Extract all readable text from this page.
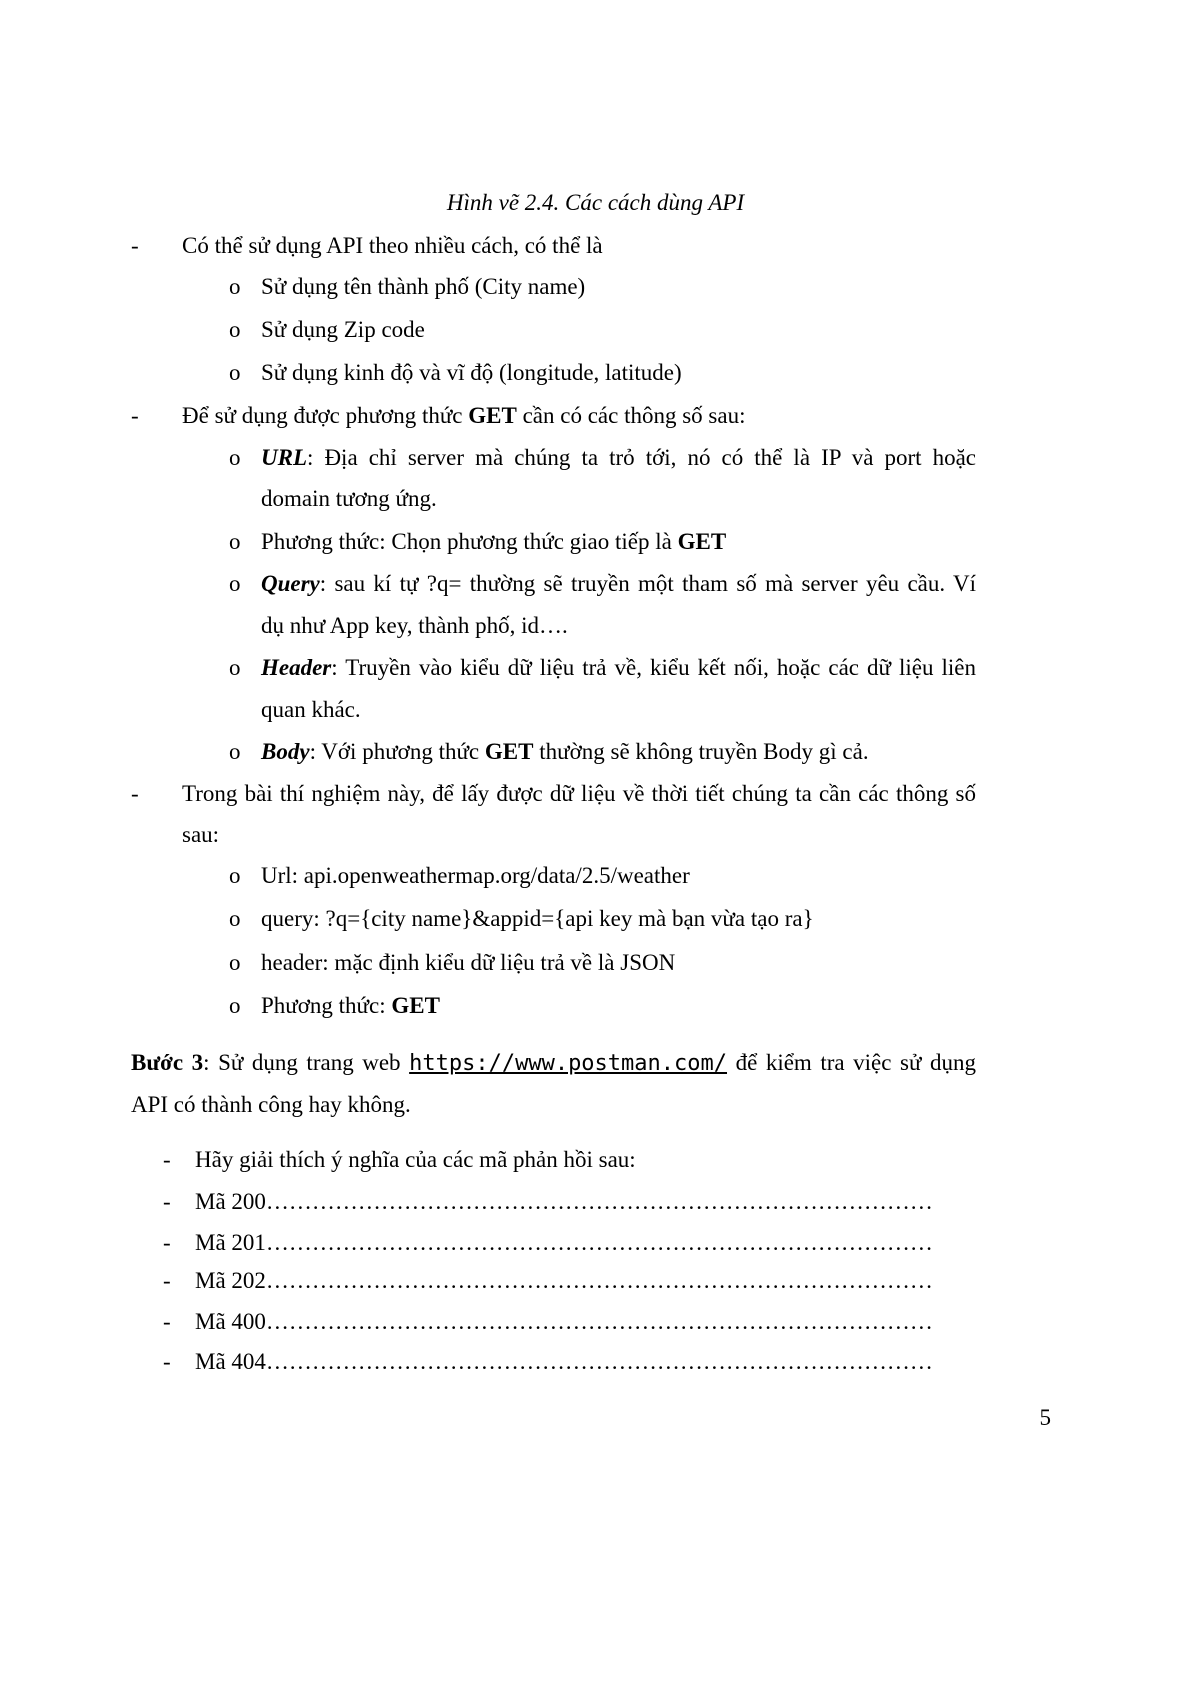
Hình vẽ 2.4. Các cách dùng API
- Có thể sử dụng API theo nhiều cách, có thể là
o Sử dụng tên thành phố (City name)
o Sử dụng Zip code
o Sử dụng kinh độ và vĩ độ (longitude, latitude)
- Để sử dụng được phương thức GET cần có các thông số sau:
o URL: Địa chỉ server mà chúng ta trỏ tới, nó có thể là IP và port hoặc
domain tương ứng.
o Phương thức: Chọn phương thức giao tiếp là GET
o Query: sau kí tự ?q= thường sẽ truyền một tham số mà server yêu cầu. Ví
dụ như App key, thành phố, id….
o Header: Truyền vào kiểu dữ liệu trả về, kiểu kết nối, hoặc các dữ liệu liên
quan khác.
o Body: Với phương thức GET thường sẽ không truyền Body gì cả.
- Trong bài thí nghiệm này, để lấy được dữ liệu về thời tiết chúng ta cần các thông số
sau:
o Url: api.openweathermap.org/data/2.5/weather
o query: ?q={city name}&appid={api key mà bạn vừa tạo ra}
o header: mặc định kiểu dữ liệu trả về là JSON
o Phương thức: GET
Bước 3: Sử dụng trang web https://www.postman.com/ để kiểm tra việc sử dụng
API có thành công hay không.
- Hãy giải thích ý nghĩa của các mã phản hồi sau:
- Mã 200……………………………………………………………………………
- Mã 201……………………………………………………………………………
- Mã 202……………………………………………………………………………
- Mã 400……………………………………………………………………………
- Mã 404……………………………………………………………………………
5
